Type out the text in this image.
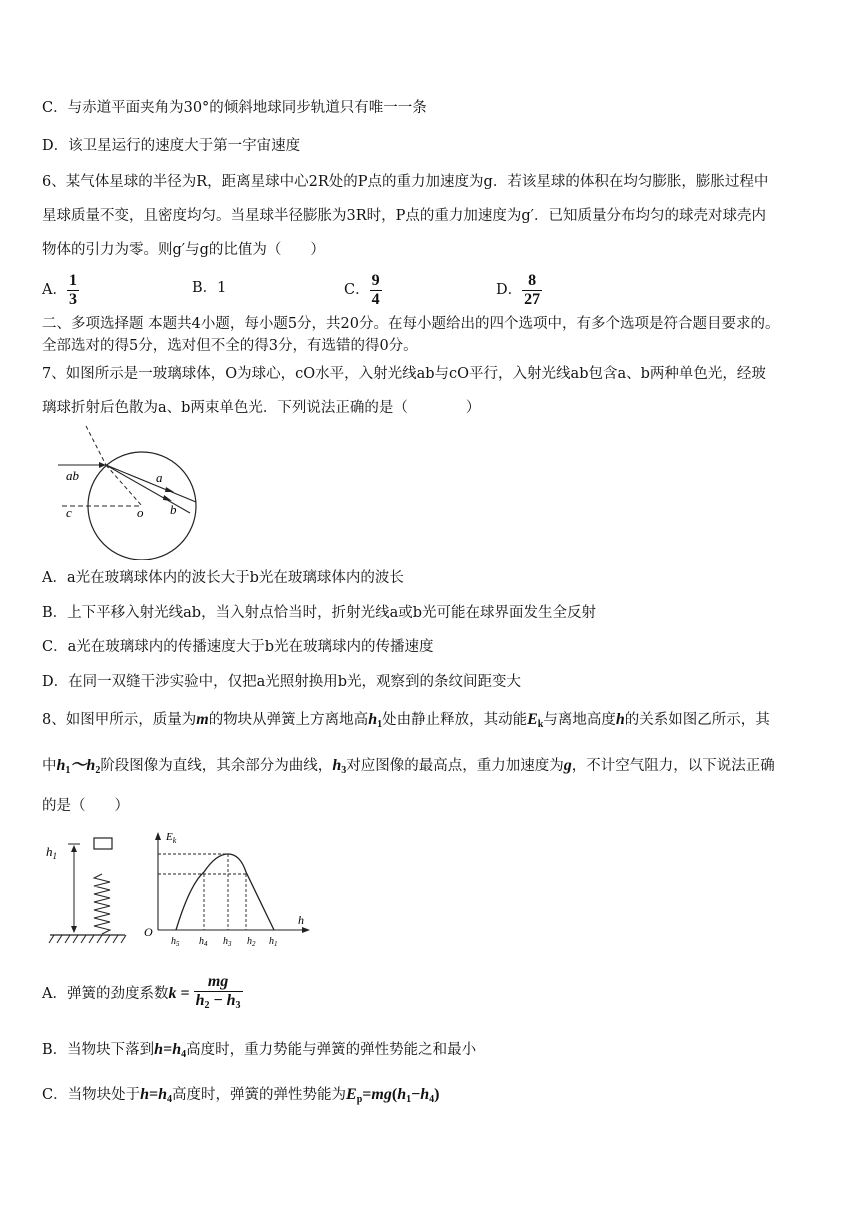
C．与赤道平面夹角为30°的倾斜地球同步轨道只有唯一一条
D．该卫星运行的速度大于第一宇宙速度
6、某气体星球的半径为R，距离星球中心2R处的P点的重力加速度为g．若该星球的体积在均匀膨胀，膨胀过程中
星球质量不变，且密度均匀。当星球半径膨胀为3R时，P点的重力加速度为g′．已知质量分布均匀的球壳对球壳内
物体的引力为零。则g′与g的比值为（　　）
A． $\frac{1}{3}$	B．1	C． $\frac{9}{4}$	D． $\frac{8}{27}$
二、多项选择题 本题共4小题，每小题5分，共20分。在每小题给出的四个选项中，有多个选项是符合题目要求的。
全部选对的得5分，选对但不全的得3分，有选错的得0分。
7、如图所示是一玻璃球体，O为球心，cO水平，入射光线ab与cO平行，入射光线ab包含a、b两种单色光，经玻
璃球折射后色散为a、b两束单色光．下列说法正确的是（　　　　）
ab	a
b
c	o
A．a光在玻璃球体内的波长大于b光在玻璃球体内的波长
B．上下平移入射光线ab，当入射点恰当时，折射光线a或b光可能在球界面发生全反射
C．a光在玻璃球内的传播速度大于b光在玻璃球内的传播速度
D．在同一双缝干涉实验中，仅把a光照射换用b光，观察到的条纹间距变大
8、如图甲所示，质量为m的物块从弹簧上方离地高$h_1$处由静止释放，其动能$E_k$与离地高度h的关系如图乙所示，其
中$h_1\sim h_2$阶段图像为直线，其余部分为曲线，$h_3$对应图像的最高点，重力加速度为g，不计空气阻力，以下说法正确
的是（　　）
$h_1$
$E_k$
O
h
$h_5$ $h_4$ $h_3$ $h_2$ $h_1$
A．弹簧的劲度系数$k = \frac{mg}{h_2 - h_3}$
B．当物块下落到$h=h_4$高度时，重力势能与弹簧的弹性势能之和最小
C．当物块处于$h=h_4$高度时，弹簧的弹性势能为$E_p=mg(h_1-h_4)$
